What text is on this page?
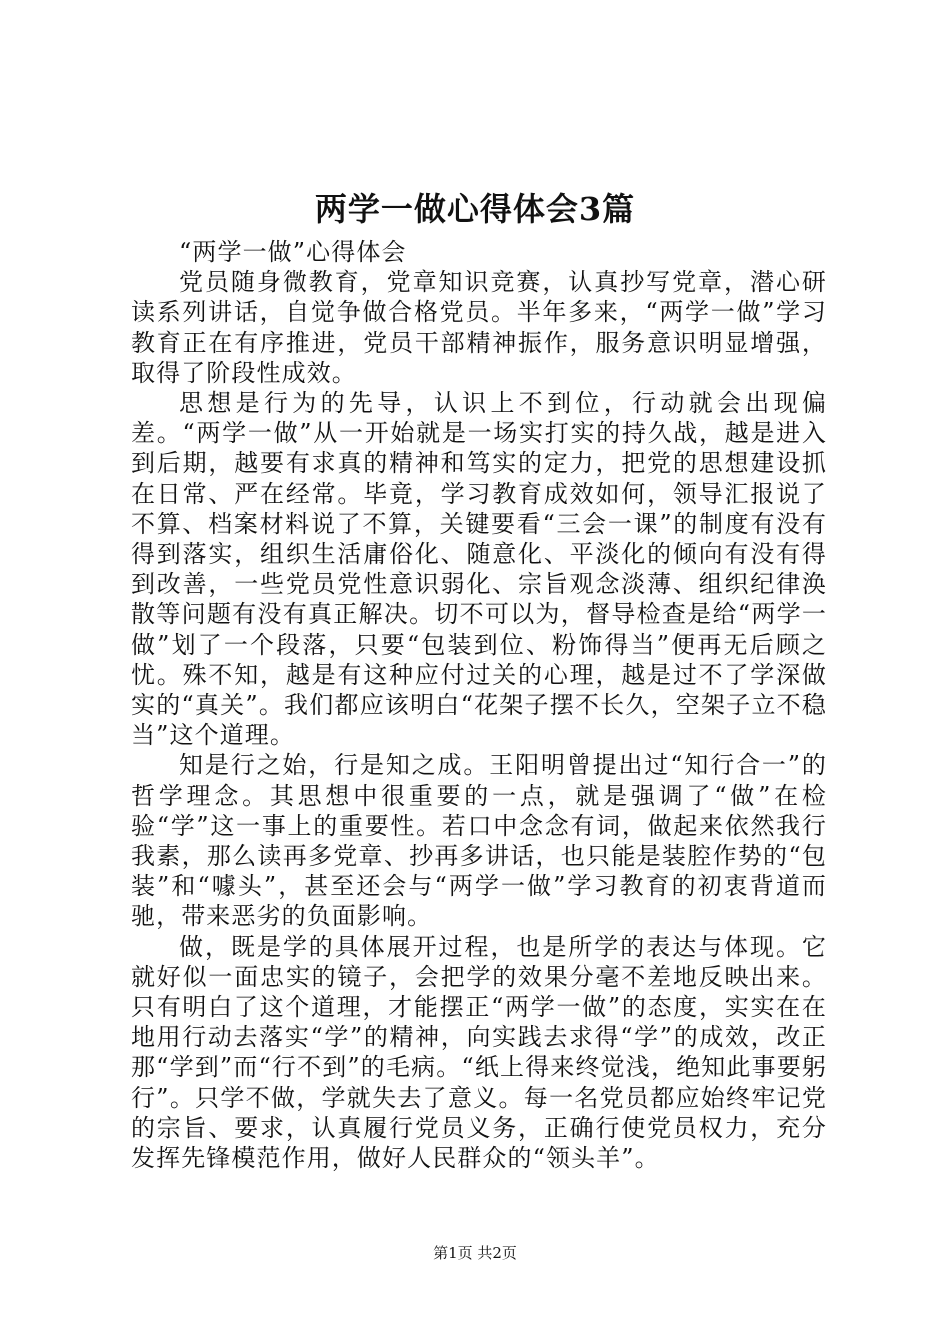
两学一做心得体会3篇

“两学一做”心得体会

党员随身微教育，党章知识竞赛，认真抄写党章，潜心研读系列讲话，自觉争做合格党员。半年多来，“两学一做”学习教育正在有序推进，党员干部精神振作，服务意识明显增强，取得了阶段性成效。

思想是行为的先导，认识上不到位，行动就会出现偏差。“两学一做”从一开始就是一场实打实的持久战，越是进入到后期，越要有求真的精神和笃实的定力，把党的思想建设抓在日常、严在经常。毕竟，学习教育成效如何，领导汇报说了不算、档案材料说了不算，关键要看“三会一课”的制度有没有得到落实，组织生活庸俗化、随意化、平淡化的倾向有没有得到改善，一些党员党性意识弱化、宗旨观念淡薄、组织纪律涣散等问题有没有真正解决。切不可以为，督导检查是给“两学一做”划了一个段落，只要“包装到位、粉饰得当”便再无后顾之忧。殊不知，越是有这种应付过关的心理，越是过不了学深做实的“真关”。我们都应该明白“花架子摆不长久，空架子立不稳当”这个道理。

知是行之始，行是知之成。王阳明曾提出过“知行合一”的哲学理念。其思想中很重要的一点，就是强调了“做”在检验“学”这一事上的重要性。若口中念念有词，做起来依然我行我素，那么读再多党章、抄再多讲话，也只能是装腔作势的“包装”和“噱头”，甚至还会与“两学一做”学习教育的初衷背道而驰，带来恶劣的负面影响。

做，既是学的具体展开过程，也是所学的表达与体现。它就好似一面忠实的镜子，会把学的效果分毫不差地反映出来。只有明白了这个道理，才能摆正“两学一做”的态度，实实在在地用行动去落实“学”的精神，向实践去求得“学”的成效，改正那“学到”而“行不到”的毛病。“纸上得来终觉浅，绝知此事要躬行”。只学不做，学就失去了意义。每一名党员都应始终牢记党的宗旨、要求，认真履行党员义务，正确行使党员权力，充分发挥先锋模范作用，做好人民群众的“领头羊”。

第1页 共2页
